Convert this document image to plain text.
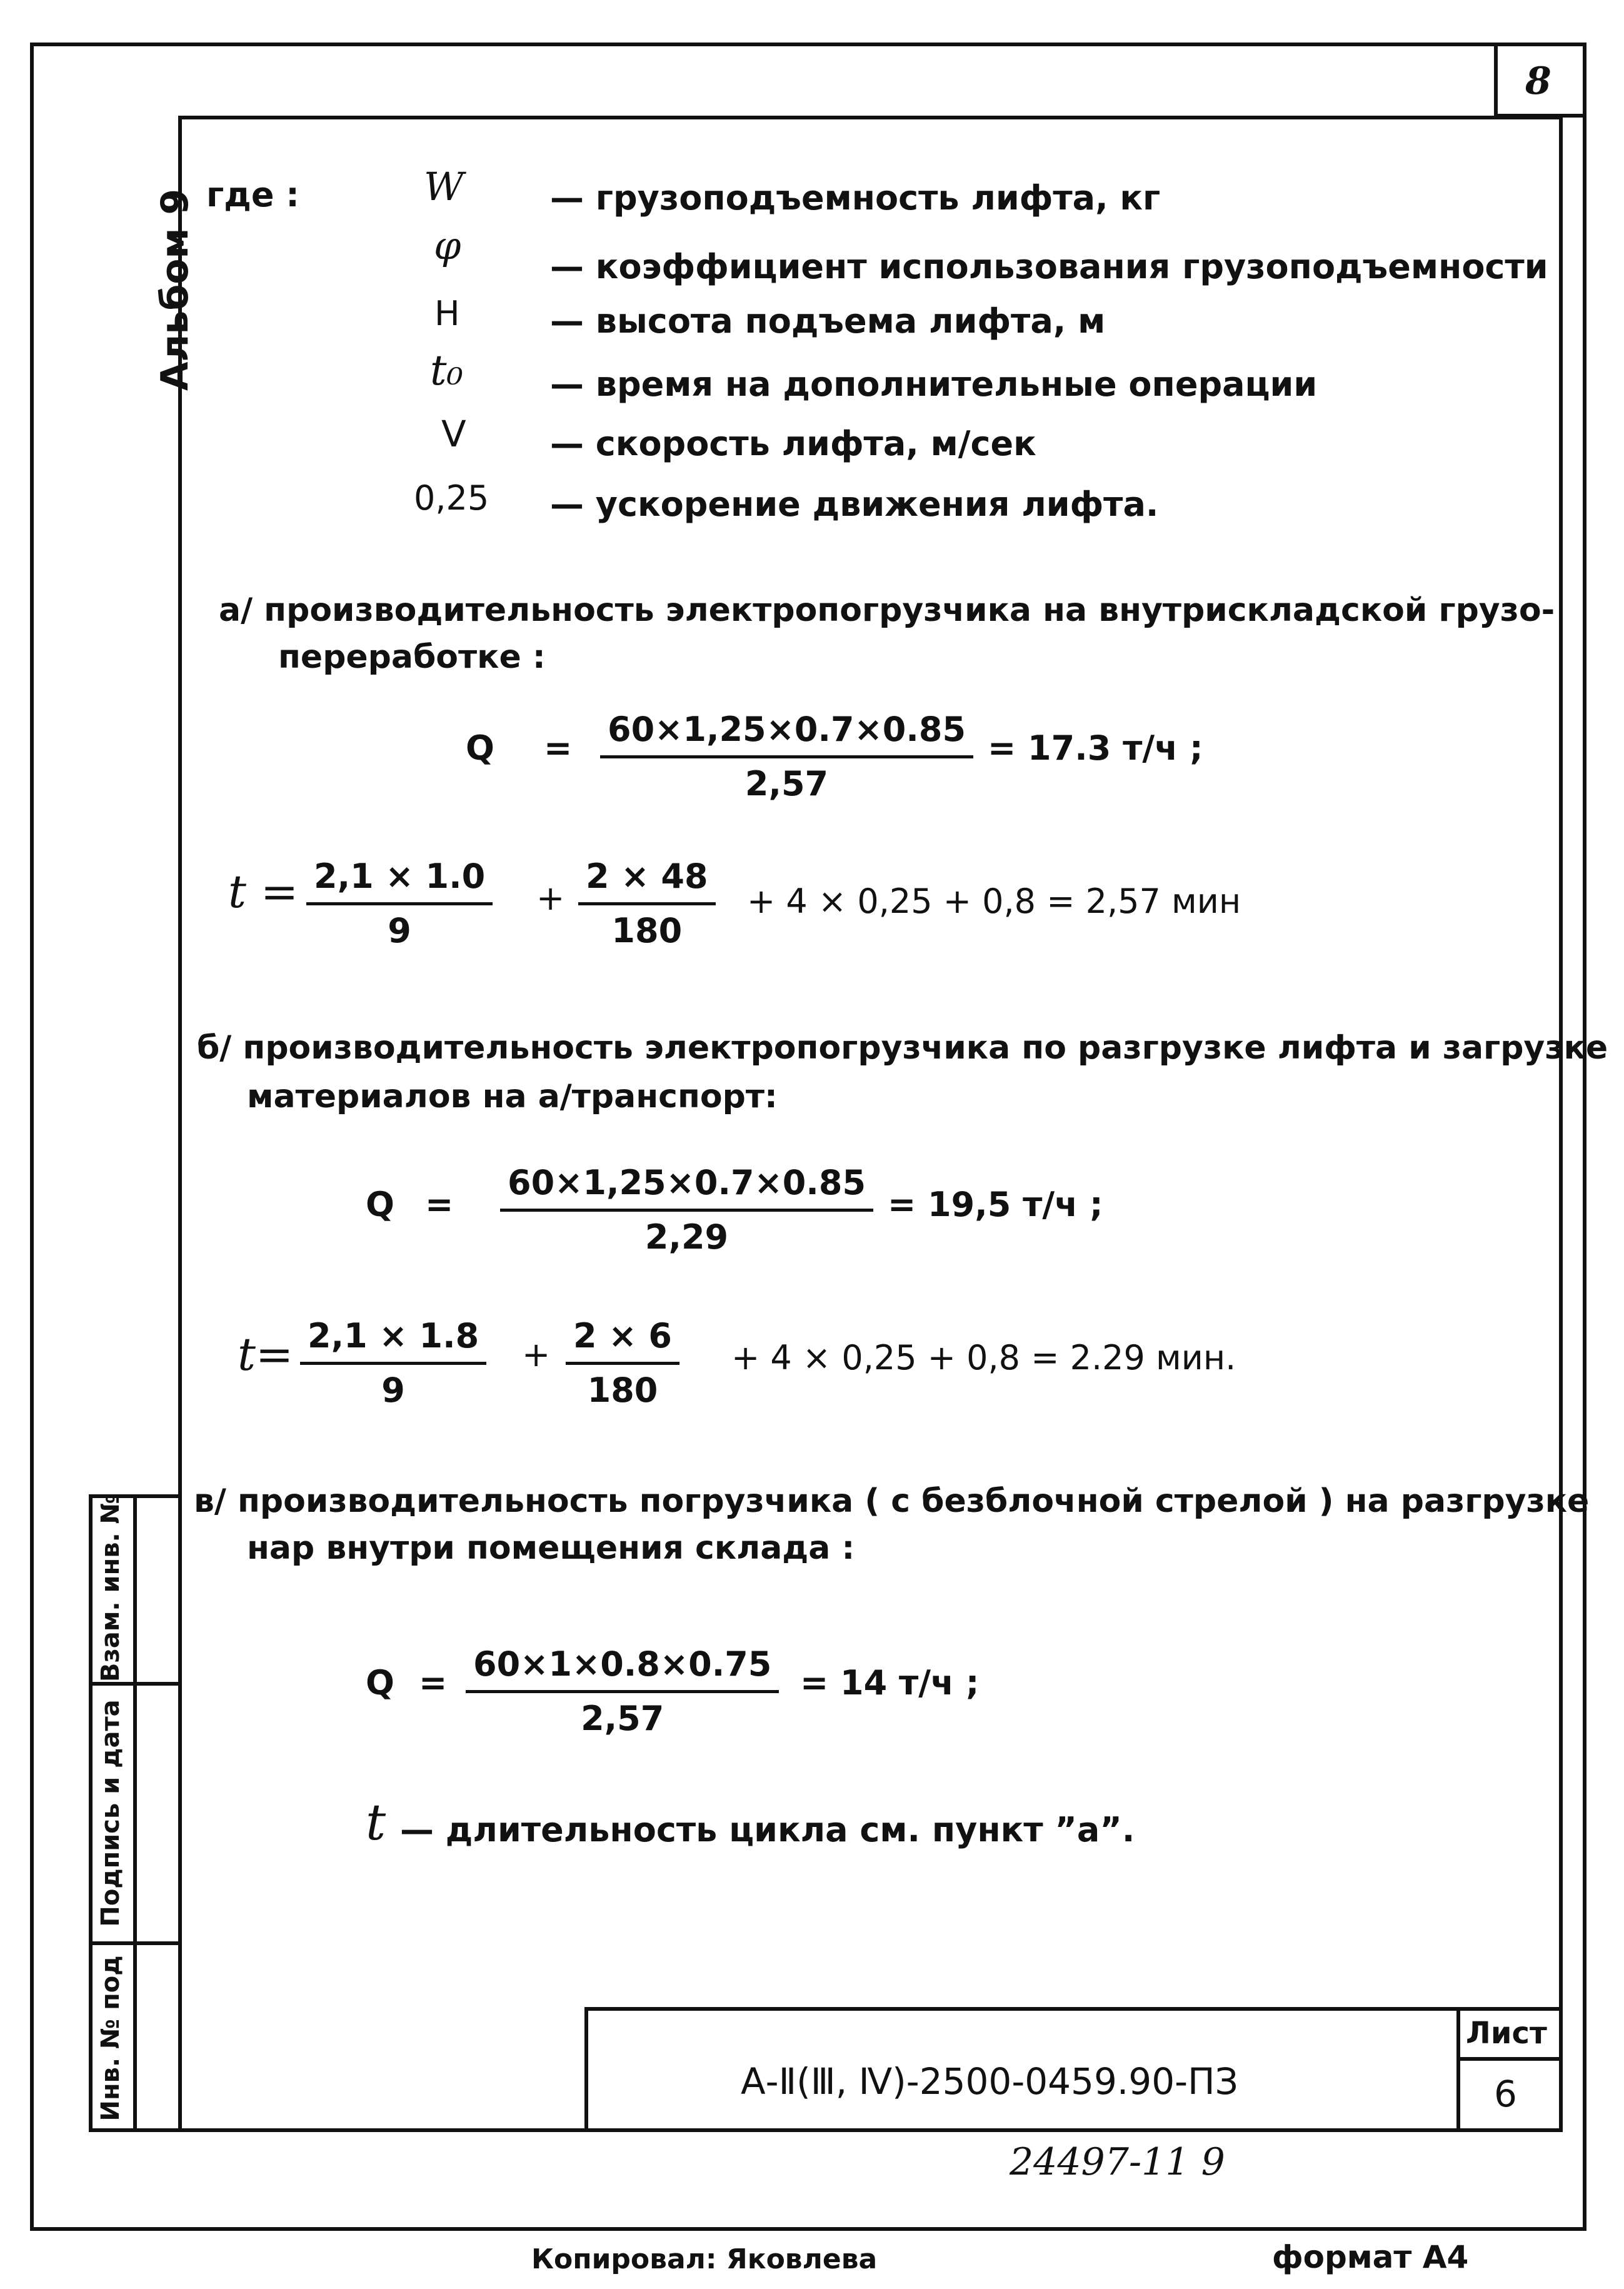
8
Альбом 9 где :	W	— грузоподъемность лифта, кг
φ	— коэффициент использования грузоподъемности
H	— высота подъема лифта, м
t₀	— время на дополнительные операции
V — скорость лифта, м/сек
0,25 — ускорение движения лифта.
а/ производительность электропогрузчика на внутрискладской грузо-
переработке :
$Q = \frac{60\times 1,25\times 0.7\times 0.85}{2,57} = 17.3$ т/ч ;
$t = \frac{2,1 \times 1.0}{9} + \frac{2 \times 48}{180} + 4 \times 0,25 + 0,8 = 2,57$ мин
б/ производительность электропогрузчика по разгрузке лифта и загрузке
материалов на а/транспорт:
$Q = \frac{60\times 1,25\times 0.7\times 0.85}{2,29} = 19,5$ т/ч ;
$t= \frac{2,1 \times 1.8}{9} + \frac{2 \times 6}{180} + 4 \times 0,25 + 0,8 = 2.29$ мин.
в/ производительность погрузчика ( с безблочной стрелой ) на разгрузке
нар внутри помещения склада :
$Q = \frac{60\times 1\times 0.8\times 0.75}{2,57} = 14$ т/ч ;
t — длительность цикла см. пункт ”а”.
Взам. инв. №
Подпись и дата
Инв. № под	А-Ⅱ(Ⅲ, Ⅳ)-2500-0459.90-ПЗ
Лист
6
24497-11 9
Копировал: Яковлева	формат А4
